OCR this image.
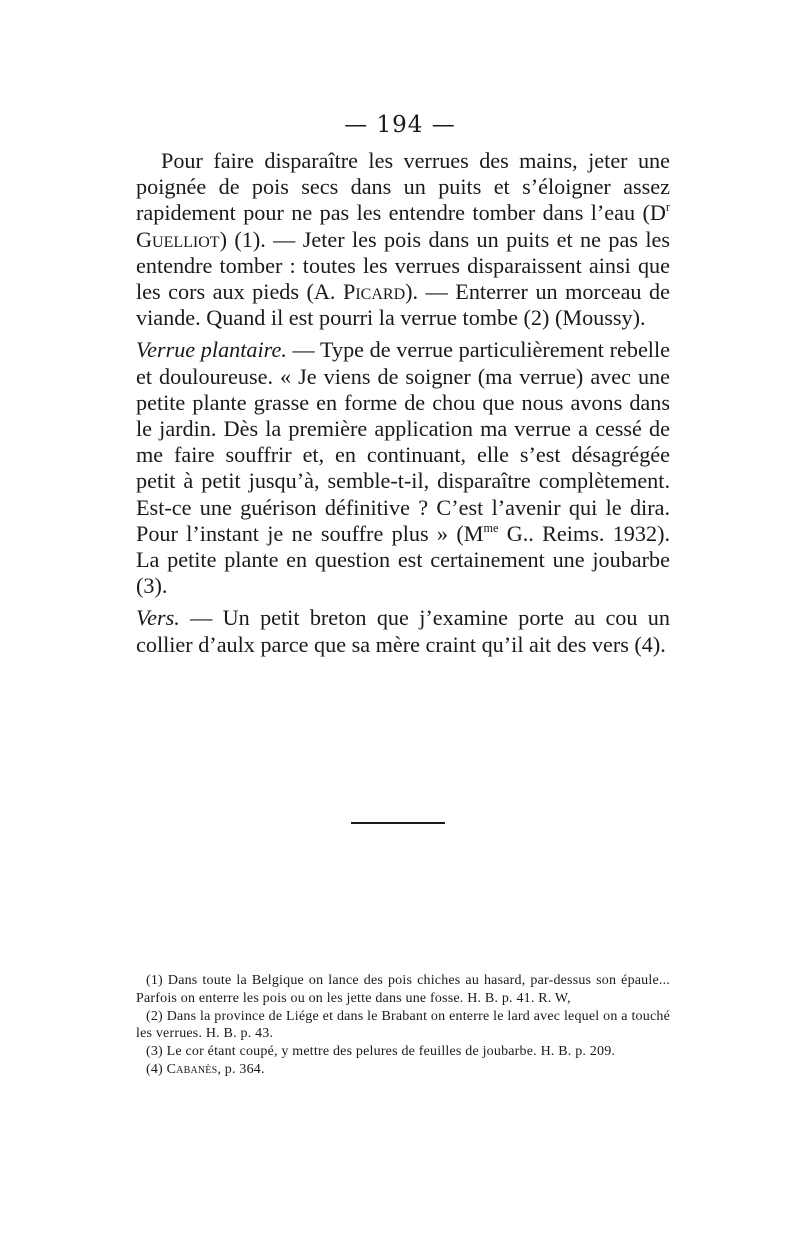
— 194 —

Pour faire disparaître les verrues des mains, jeter une poignée de pois secs dans un puits et s’éloigner assez rapidement pour ne pas les entendre tomber dans l’eau ($D^r$ Guelliot) (1). — Jeter les pois dans un puits et ne pas les entendre tomber : toutes les verrues disparaissent ainsi que les cors aux pieds (A. Picard). — Enterrer un morceau de viande. Quand il est pourri la verrue tombe (2) (Moussy).

Verrue plantaire. — Type de verrue particulièrement rebelle et douloureuse. « Je viens de soigner (ma verrue) avec une petite plante grasse en forme de chou que nous avons dans le jardin. Dès la première application ma verrue a cessé de me faire souffrir et, en continuant, elle s’est désagrégée petit à petit jusqu’à, semble-t-il, disparaître complètement. Est-ce une guérison définitive ? C’est l’avenir qui le dira. Pour l’instant je ne souffre plus » ($M^{me}$ G.. Reims. 1932). La petite plante en question est certainement une joubarbe (3).

Vers. — Un petit breton que j’examine porte au cou un collier d’aulx parce que sa mère craint qu’il ait des vers (4).

(1) Dans toute la Belgique on lance des pois chiches au hasard, par-dessus son épaule... Parfois on enterre les pois ou on les jette dans une fosse. H. B. p. 41. R. W,

(2) Dans la province de Liége et dans le Brabant on enterre le lard avec lequel on a touché les verrues. H. B. p. 43.

(3) Le cor étant coupé, y mettre des pelures de feuilles de joubarbe. H. B. p. 209.

(4) Cabanès, p. 364.
